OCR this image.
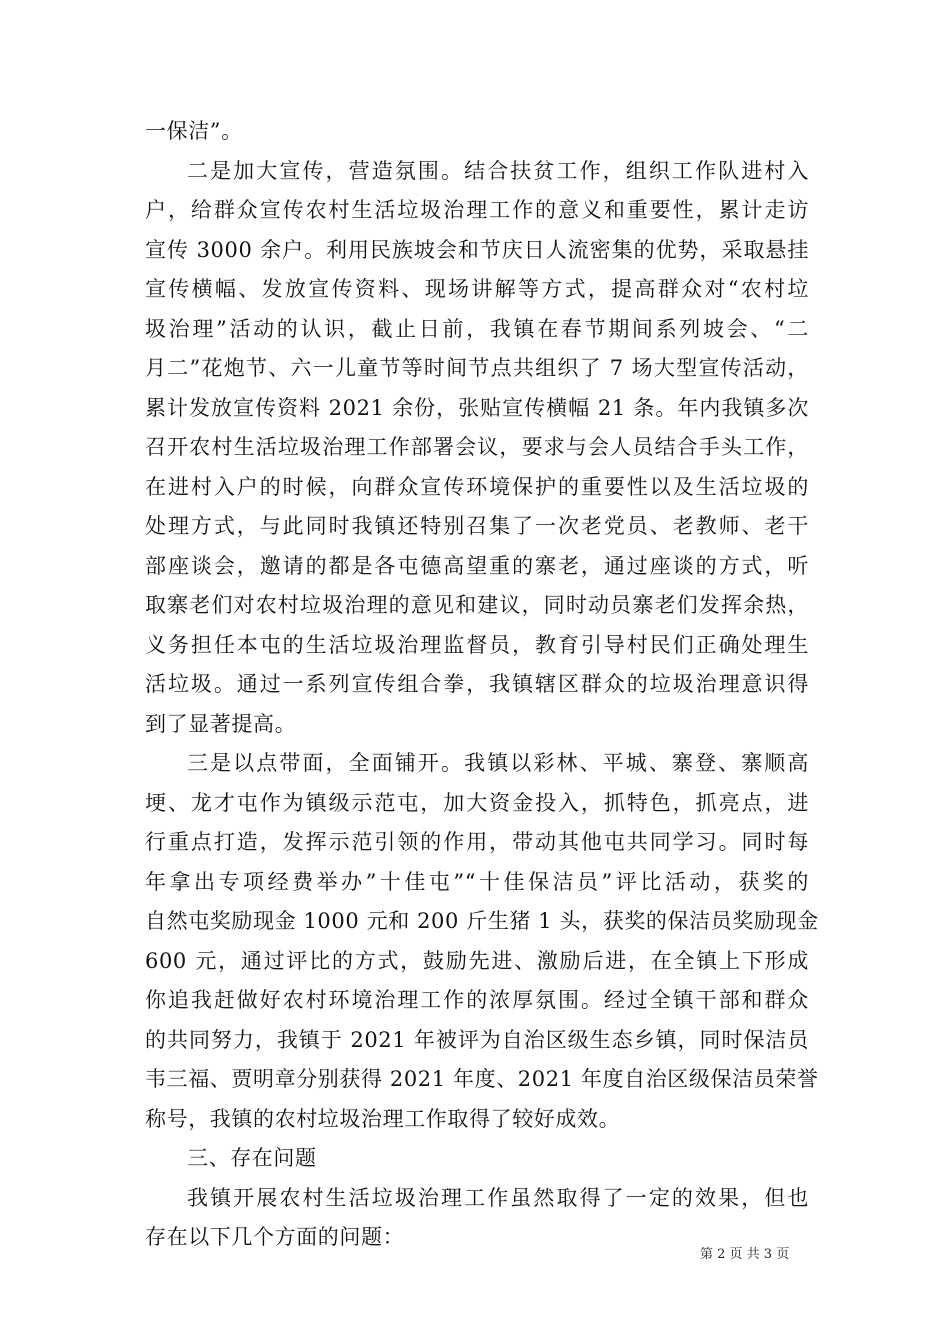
一保洁”。
二是加大宣传，营造氛围。结合扶贫工作，组织工作队进村入
户，给群众宣传农村生活垃圾治理工作的意义和重要性，累计走访
宣传 3000 余户。利用民族坡会和节庆日人流密集的优势，采取悬挂
宣传横幅、发放宣传资料、现场讲解等方式，提高群众对“农村垃
圾治理”活动的认识，截止日前，我镇在春节期间系列坡会、“二
月二”花炮节、六一儿童节等时间节点共组织了 7 场大型宣传活动，
累计发放宣传资料 2021 余份，张贴宣传横幅 21 条。年内我镇多次
召开农村生活垃圾治理工作部署会议，要求与会人员结合手头工作，
在进村入户的时候，向群众宣传环境保护的重要性以及生活垃圾的
处理方式，与此同时我镇还特别召集了一次老党员、老教师、老干
部座谈会，邀请的都是各屯德高望重的寨老，通过座谈的方式，听
取寨老们对农村垃圾治理的意见和建议，同时动员寨老们发挥余热，
义务担任本屯的生活垃圾治理监督员，教育引导村民们正确处理生
活垃圾。通过一系列宣传组合拳，我镇辖区群众的垃圾治理意识得
到了显著提高。
三是以点带面，全面铺开。我镇以彩林、平城、寨登、寨顺高
埂、龙才屯作为镇级示范屯，加大资金投入，抓特色，抓亮点，进
行重点打造，发挥示范引领的作用，带动其他屯共同学习。同时每
年拿出专项经费举办”十佳屯”“十佳保洁员”评比活动，获奖的
自然屯奖励现金 1000 元和 200 斤生猪 1 头，获奖的保洁员奖励现金
600 元，通过评比的方式，鼓励先进、激励后进，在全镇上下形成
你追我赶做好农村环境治理工作的浓厚氛围。经过全镇干部和群众
的共同努力，我镇于 2021 年被评为自治区级生态乡镇，同时保洁员
韦三福、贾明章分别获得 2021 年度、2021 年度自治区级保洁员荣誉
称号，我镇的农村垃圾治理工作取得了较好成效。
三、存在问题
我镇开展农村生活垃圾治理工作虽然取得了一定的效果，但也
存在以下几个方面的问题：
第 2 页 共 3 页
